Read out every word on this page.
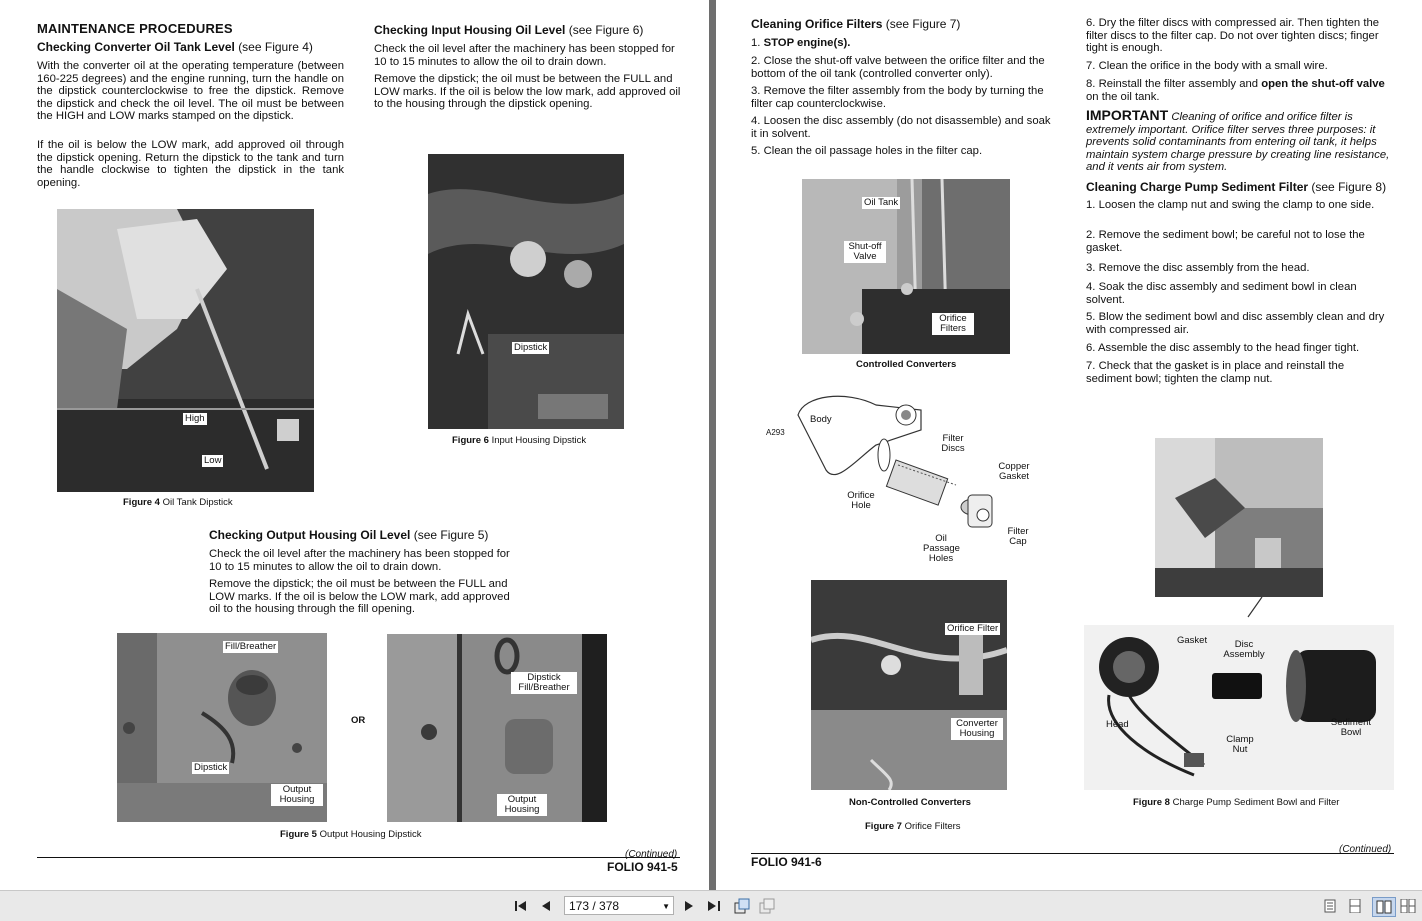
MAINTENANCE PROCEDURES
Checking Converter Oil Tank Level (see Figure 4)

With the converter oil at the operating temperature (between 160-225 degrees) and the engine running, turn the handle on the dipstick counterclockwise to free the dipstick. Remove the dipstick and check the oil level. The oil must be between the HIGH and LOW marks stamped on the dipstick.

If the oil is below the LOW mark, add approved oil through the dipstick opening. Return the dipstick to the tank and turn the handle clockwise to tighten the dipstick in the tank opening.

Checking Input Housing Oil Level (see Figure 6)

Check the oil level after the machinery has been stopped for 10 to 15 minutes to allow the oil to drain down.

Remove the dipstick; the oil must be between the FULL and LOW marks. If the oil is below the low mark, add approved oil to the housing through the dipstick opening.

High
Low
Figure 4 Oil Tank Dipstick
Dipstick
Figure 6 Input Housing Dipstick
Checking Output Housing Oil Level (see Figure 5)

Check the oil level after the machinery has been stopped for 10 to 15 minutes to allow the oil to drain down.

Remove the dipstick; the oil must be between the FULL and LOW marks. If the oil is below the LOW mark, add approved oil to the housing through the fill opening.

Fill/Breather
Dipstick
Output Housing
OR
Dipstick Fill/Breather
Output Housing
Figure 5 Output Housing Dipstick
(Continued)
FOLIO 941-5
Cleaning Orifice Filters (see Figure 7)
1. STOP engine(s).
2. Close the shut-off valve between the orifice filter and the bottom of the oil tank (controlled converter only).
3. Remove the filter assembly from the body by turning the filter cap counterclockwise.
4. Loosen the disc assembly (do not disassemble) and soak it in solvent.
5. Clean the oil passage holes in the filter cap.
6. Dry the filter discs with compressed air. Then tighten the filter discs to the filter cap. Do not over tighten discs; finger tight is enough.
7. Clean the orifice in the body with a small wire.
8. Reinstall the filter assembly and open the shut-off valve on the oil tank.
IMPORTANT Cleaning of orifice and orifice filter is extremely important. Orifice filter serves three purposes: it prevents solid contaminants from entering oil tank, it helps maintain system charge pressure by creating line resistance, and it vents air from system.
Cleaning Charge Pump Sediment Filter (see Figure 8)
1. Loosen the clamp nut and swing the clamp to one side.
2. Remove the sediment bowl; be careful not to lose the gasket.
3. Remove the disc assembly from the head.
4. Soak the disc assembly and sediment bowl in clean solvent.
5. Blow the sediment bowl and disc assembly clean and dry with compressed air.
6. Assemble the disc assembly to the head finger tight.
7. Check that the gasket is in place and reinstall the sediment bowl; tighten the clamp nut.
Oil Tank
Shut-off Valve
Orifice Filters
Controlled Converters
A293
Body
Filter Discs
Copper Gasket
Orifice Hole
Oil Passage Holes
Filter Cap
Orifice Filter
Converter Housing
Non-Controlled Converters
Figure 7 Orifice Filters
Gasket	Disc Assembly
Head
Clamp Nut
Sediment Bowl
Figure 8 Charge Pump Sediment Bowl and Filter
(Continued)
FOLIO 941-6
173 / 378	▼
